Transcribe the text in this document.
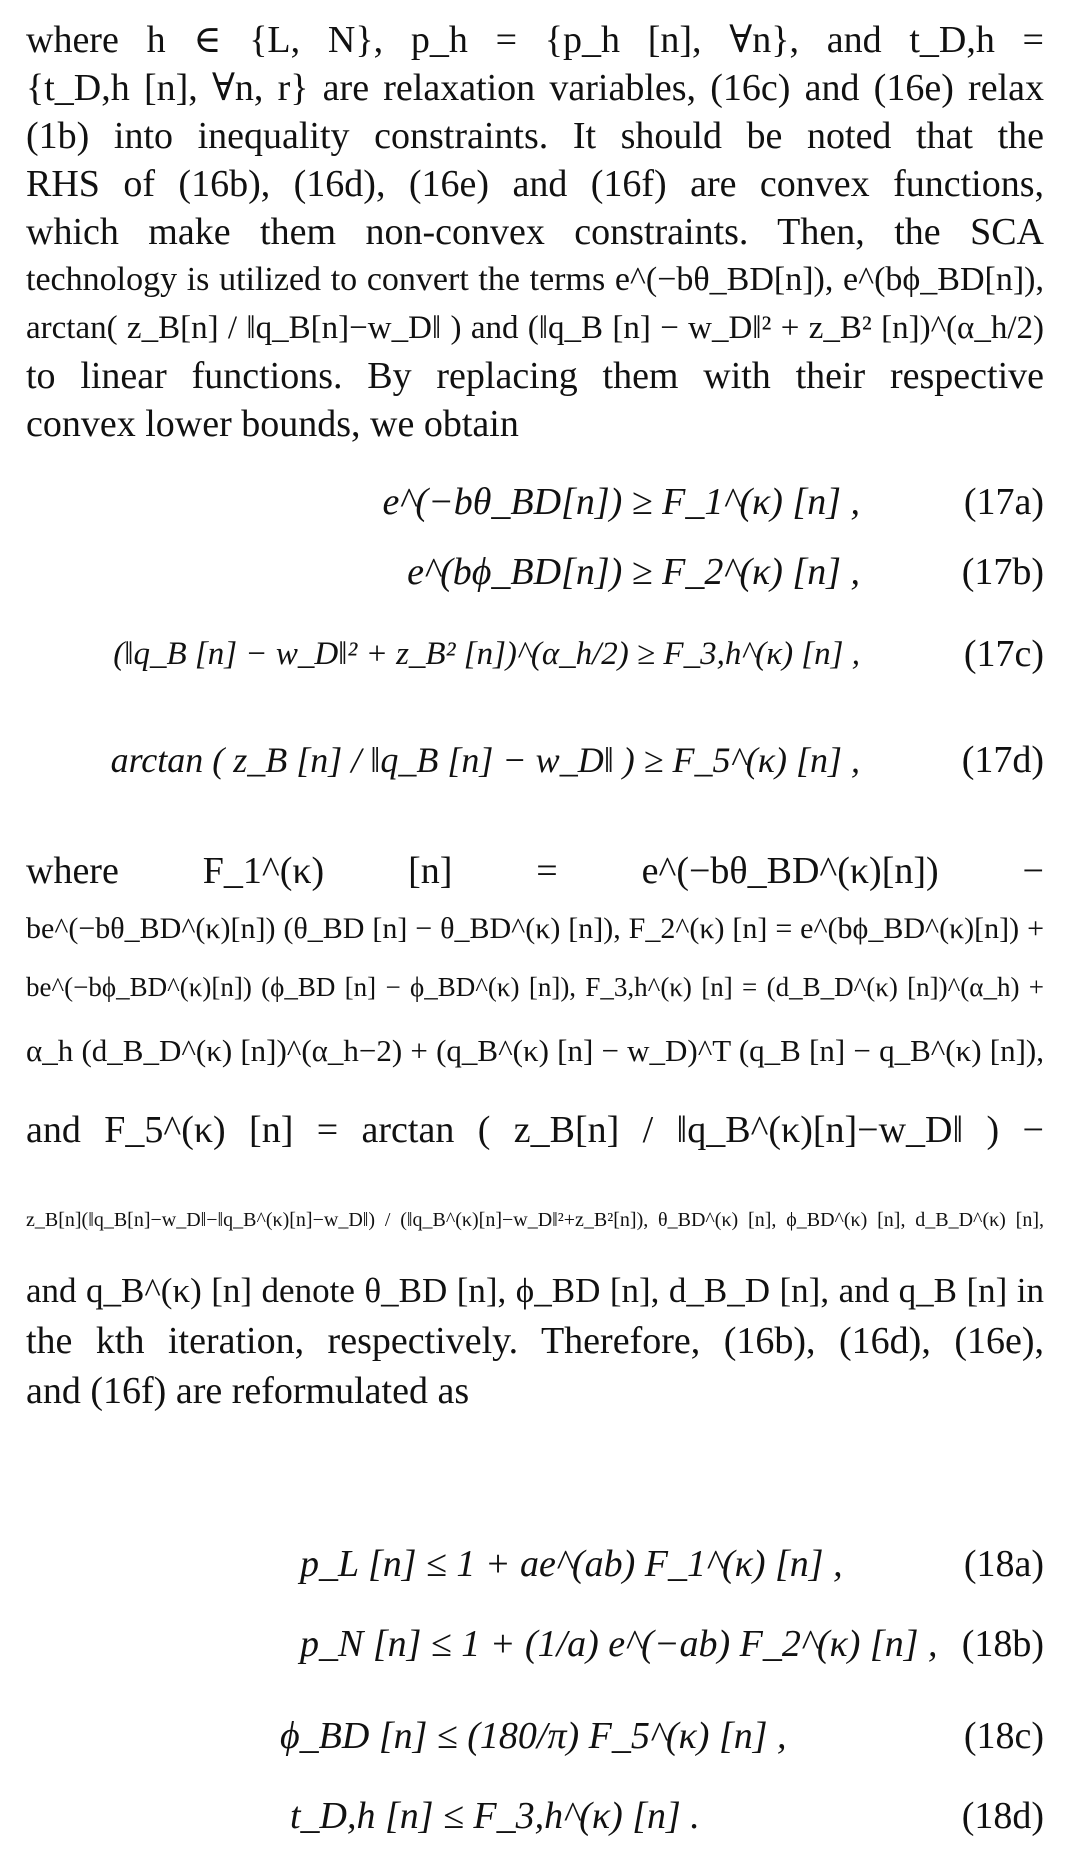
where h ∈ {L, N}, p_h = {p_h [n], ∀n}, and t_D,h =
{t_D,h [n], ∀n, r} are relaxation variables, (16c) and (16e) relax
(1b) into inequality constraints. It should be noted that the
RHS of (16b), (16d), (16e) and (16f) are convex functions,
which make them non-convex constraints. Then, the SCA
technology is utilized to convert the terms e^(−bθ_BD[n]), e^(bϕ_BD[n]),
arctan( z_B[n] / ‖q_B[n]−w_D‖ ) and (‖q_B [n] − w_D‖² + z_B² [n])^(α_h/2)
to linear functions. By replacing them with their respective
convex lower bounds, we obtain
e^(−bθ_BD[n]) ≥ F_1^(κ) [n] ,	(17a)
e^(bϕ_BD[n]) ≥ F_2^(κ) [n] ,	(17b)
(‖q_B [n] − w_D‖² + z_B² [n])^(α_h/2) ≥ F_3,h^(κ) [n] ,	(17c)
arctan ( z_B [n] / ‖q_B [n] − w_D‖ ) ≥ F_5^(κ) [n] ,	(17d)
where F_1^(κ) [n] = e^(−bθ_BD^(κ)[n]) −
be^(−bθ_BD^(κ)[n]) (θ_BD [n] − θ_BD^(κ) [n]), F_2^(κ) [n] = e^(bϕ_BD^(κ)[n]) +
be^(−bϕ_BD^(κ)[n]) (ϕ_BD [n] − ϕ_BD^(κ) [n]), F_3,h^(κ) [n] = (d_B_D^(κ) [n])^(α_h) +
α_h (d_B_D^(κ) [n])^(α_h−2) + (q_B^(κ) [n] − w_D)^T (q_B [n] − q_B^(κ) [n]),
and F_5^(κ) [n] = arctan ( z_B[n] / ‖q_B^(κ)[n]−w_D‖ ) −
z_B[n](‖q_B[n]−w_D‖−‖q_B^(κ)[n]−w_D‖) / (‖q_B^(κ)[n]−w_D‖²+z_B²[n]), θ_BD^(κ) [n], ϕ_BD^(κ) [n], d_B_D^(κ) [n],
and q_B^(κ) [n] denote θ_BD [n], ϕ_BD [n], d_B_D [n], and q_B [n] in
the kth iteration, respectively. Therefore, (16b), (16d), (16e),
and (16f) are reformulated as
p_L [n] ≤ 1 + ae^(ab) F_1^(κ) [n] ,	(18a)
p_N [n] ≤ 1 + (1/a) e^(−ab) F_2^(κ) [n] , (18b)
ϕ_BD [n] ≤ (180/π) F_5^(κ) [n] ,	(18c)
t_D,h [n] ≤ F_3,h^(κ) [n] .	(18d)
